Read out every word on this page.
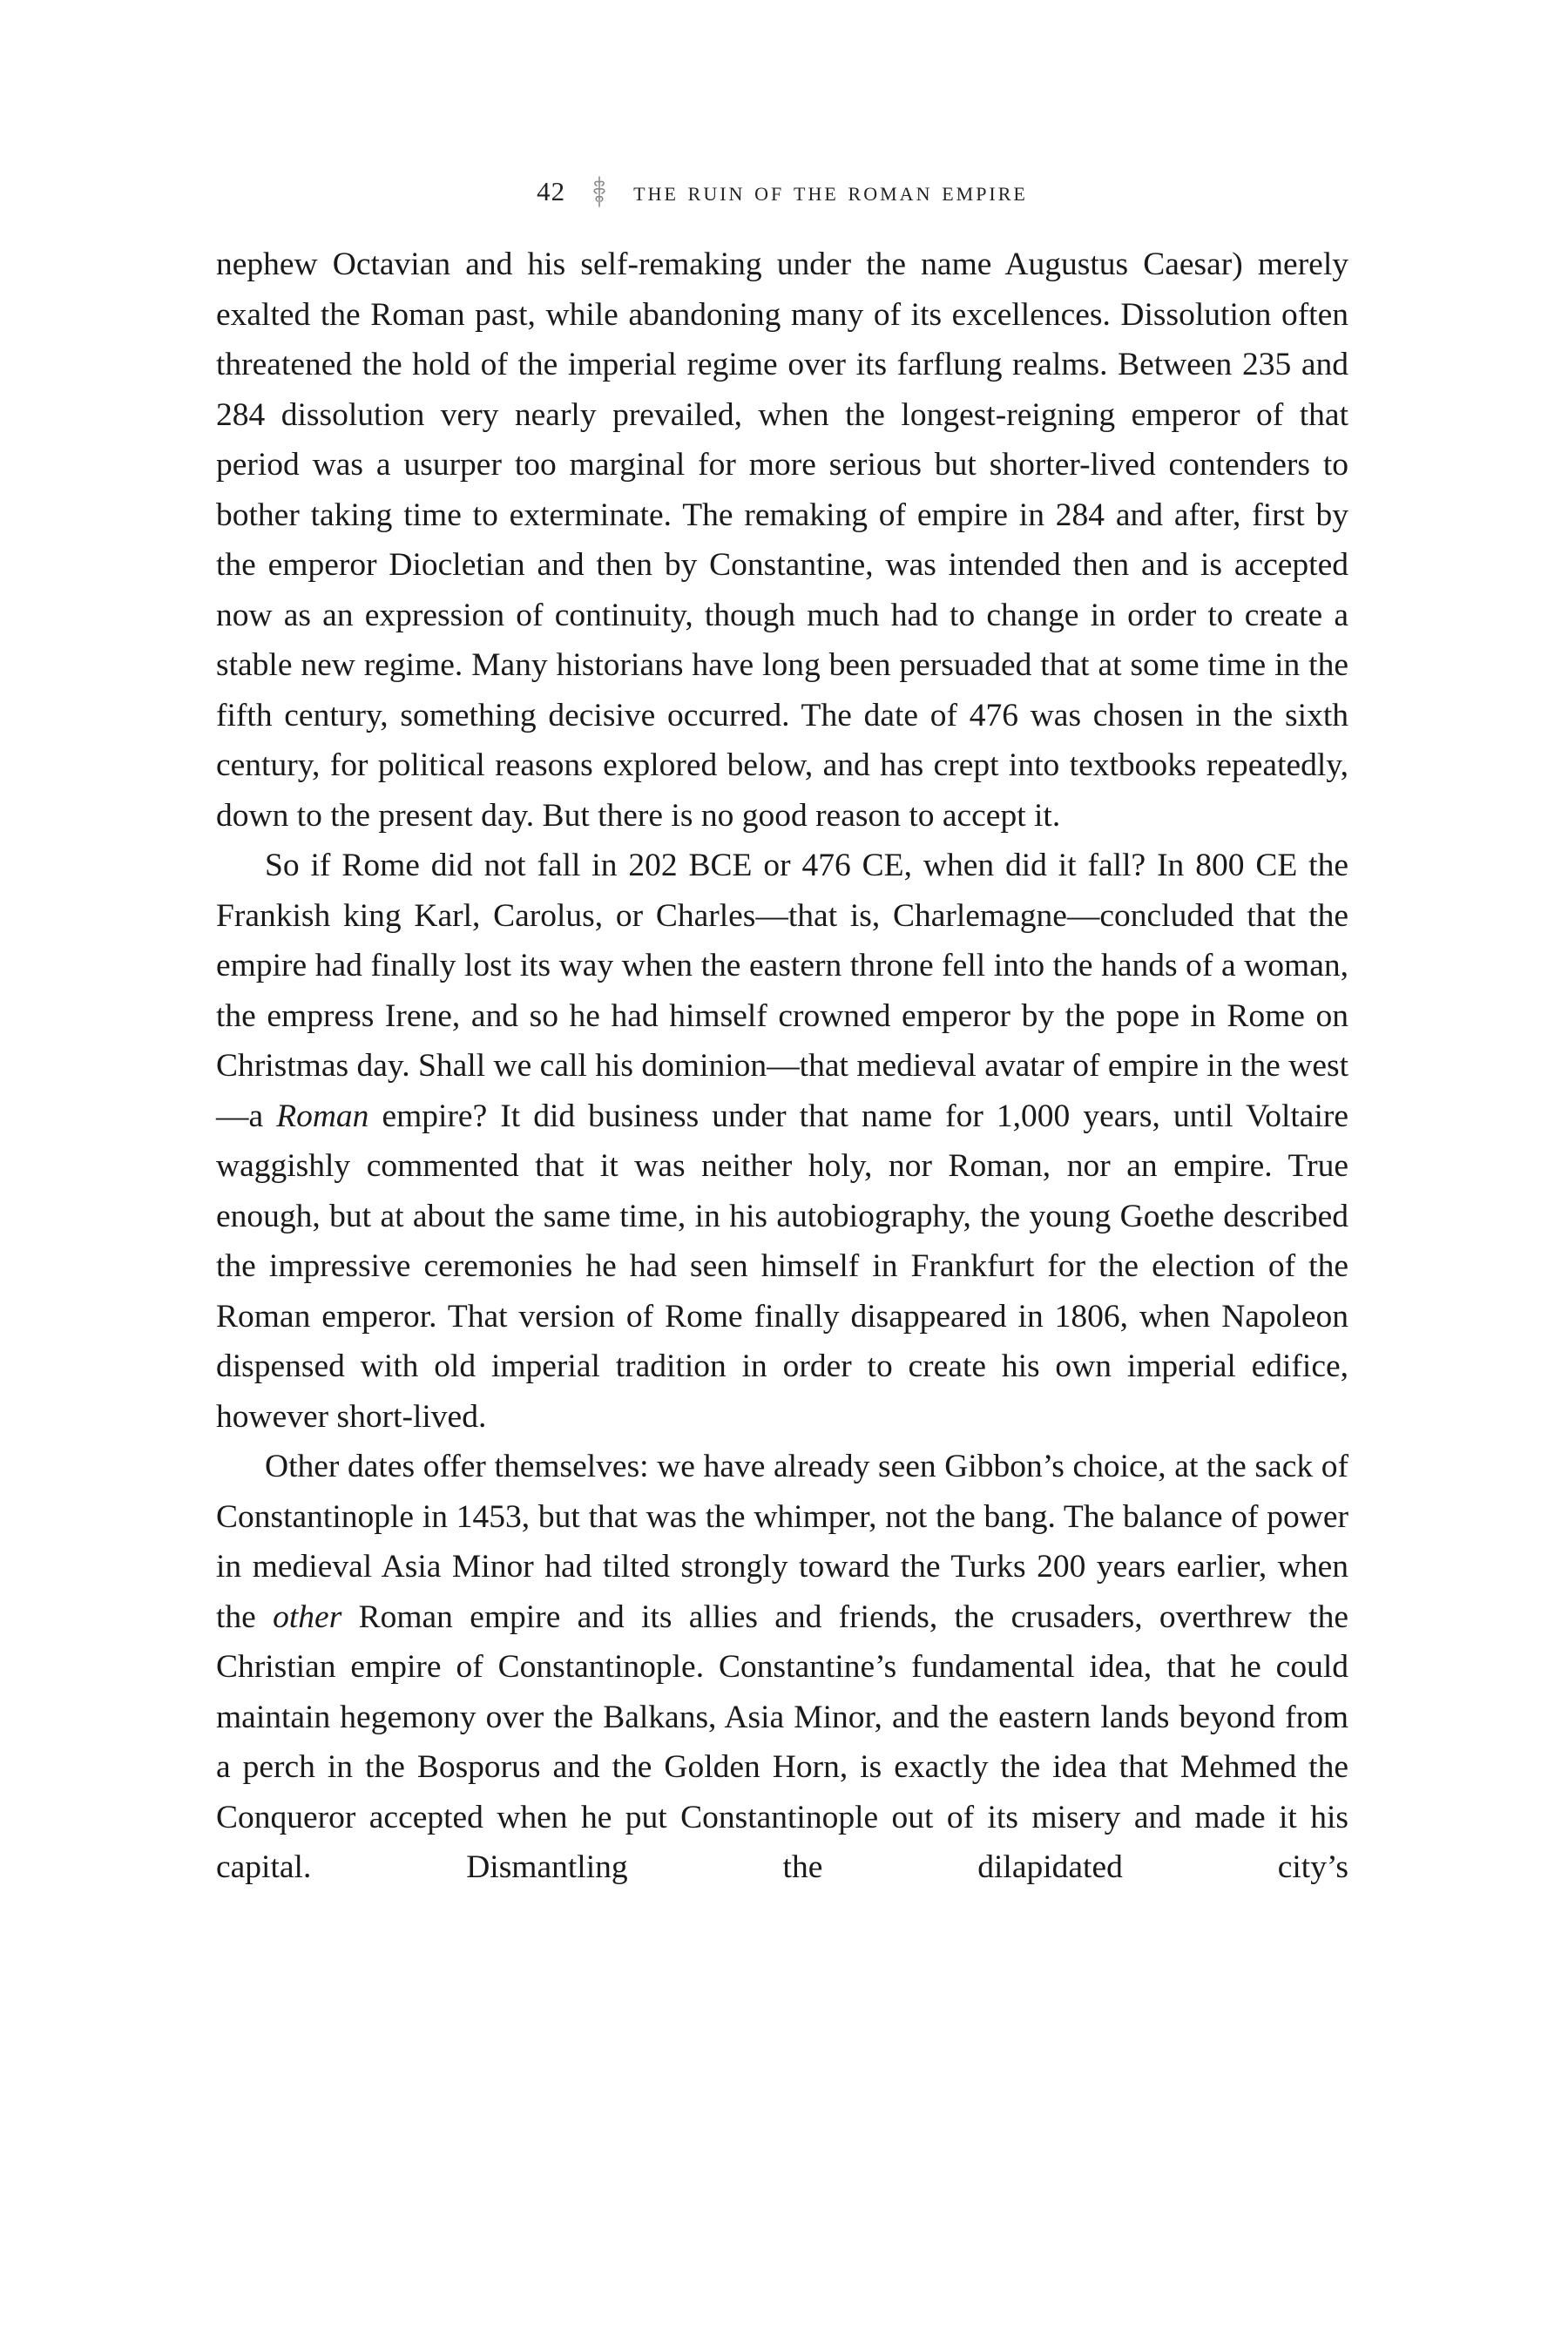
42	the ruin of the roman empire

nephew Octavian and his self-remaking under the name Augustus Caesar) merely exalted the Roman past, while abandoning many of its excellences. Dissolution often threatened the hold of the imperial regime over its farflung realms. Between 235 and 284 dissolution very nearly prevailed, when the longest-reigning emperor of that period was a usurper too marginal for more serious but shorter-lived contenders to bother taking time to exterminate. The remaking of empire in 284 and after, first by the emperor Diocletian and then by Constantine, was intended then and is accepted now as an expression of continuity, though much had to change in order to create a stable new regime. Many historians have long been persuaded that at some time in the fifth century, something decisive occurred. The date of 476 was chosen in the sixth century, for political reasons explored below, and has crept into textbooks repeatedly, down to the present day. But there is no good reason to accept it.

So if Rome did not fall in 202 BCE or 476 CE, when did it fall? In 800 CE the Frankish king Karl, Carolus, or Charles—that is, Charlemagne—concluded that the empire had finally lost its way when the eastern throne fell into the hands of a woman, the empress Irene, and so he had himself crowned emperor by the pope in Rome on Christmas day. Shall we call his dominion—that medieval avatar of empire in the west—a Roman empire? It did business under that name for 1,000 years, until Voltaire waggishly commented that it was neither holy, nor Roman, nor an empire. True enough, but at about the same time, in his autobiography, the young Goethe described the impressive ceremonies he had seen himself in Frankfurt for the election of the Roman emperor. That version of Rome finally disappeared in 1806, when Napoleon dispensed with old imperial tradition in order to create his own imperial edifice, however short-lived.

Other dates offer themselves: we have already seen Gibbon’s choice, at the sack of Constantinople in 1453, but that was the whimper, not the bang. The balance of power in medieval Asia Minor had tilted strongly toward the Turks 200 years earlier, when the other Roman empire and its allies and friends, the crusaders, overthrew the Christian empire of Constantinople. Constantine’s fundamental idea, that he could maintain hegemony over the Balkans, Asia Minor, and the eastern lands beyond from a perch in the Bosporus and the Golden Horn, is exactly the idea that Mehmed the Conqueror accepted when he put Constantinople out of its misery and made it his capital. Dismantling the dilapidated city’s
